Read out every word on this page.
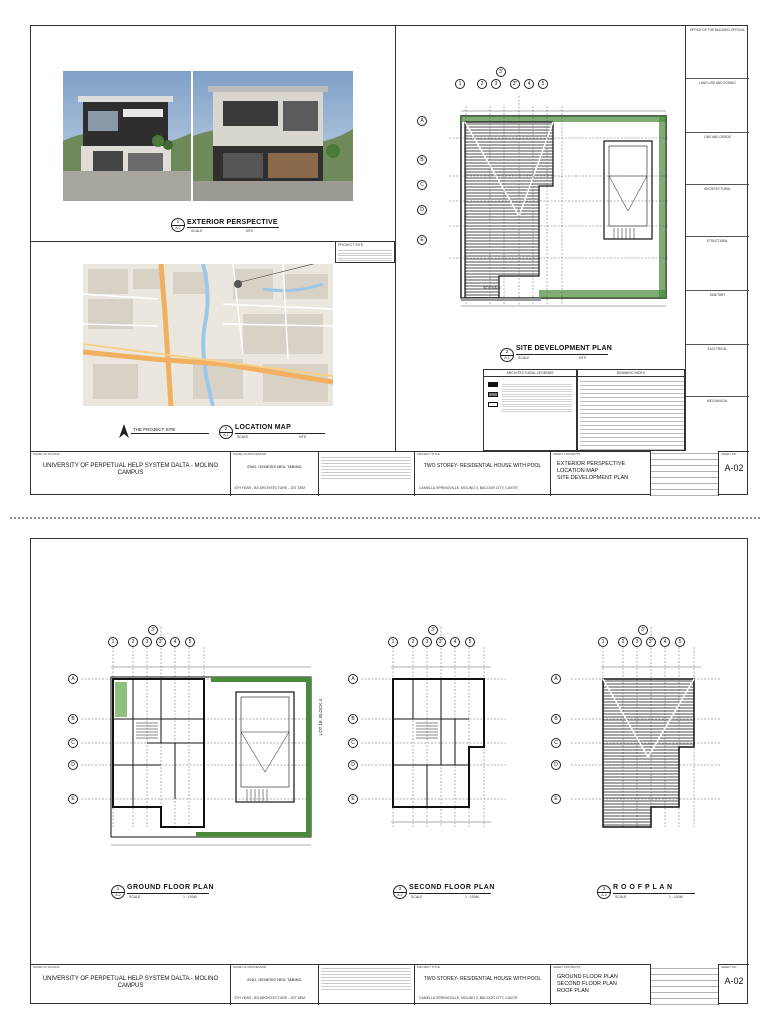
1
A-1
EXTERIOR PERSPECTIVE
SCALE	NTS
PROJECT SITE
THE PROJECT SITE	2
A-1
LOCATION MAP
SCALE	NTS
1	2	3
3'
3"	4	5
A
B
C
D
E
SIDEWALK
2
A-1
SITE DEVELOPMENT PLAN
SCALE	NTS
ARCHITECTURAL LEGENDS	DRAWING INDEX
OFFICE OF THE BUILDING OFFICIAL
LAND USE AND ZONING
LINE AND GRADE
ARCHITECTURAL
STRUCTURAL
SANITARY
ELECTRICAL
MECHANICAL
NAME OF SCHOOL
UNIVERSITY OF PERPETUAL HELP SYSTEM DALTA - MOLINO CAMPUS
NAME OF PROFESSOR
ENG. GENESIS NEIL TABING
PROJECT TITLE
TWO STOREY- RESIDENTIAL HOUSE WITH POOL
SHEET CONTENTS
EXTERIOR PERSPECTIVE
LOCATION MAP
SITE DEVELOPMENT PLAN
SHEET NO.
A-02
4TH YEAR - BS ARCHITECTURE - 1ST SEM	CAMELLA SPRINGVILLE, MOLINO 3, BACOOR CITY, CAVITE
LOT 18, BLOCK 4
1	2	3
3'
3"	4	5
A
B
C
D
E
1	2	3
3'
3"	4	5
A
B
C
D
E
1	2	3
3'
3"	4	5
A
B
C
D
E
1
A-2
GROUND FLOOR PLAN
SCALE	1 : 100M
2
A-2
SECOND FLOOR PLAN
SCALE	1 : 100M
3
A-2
R O O F P L A N
SCALE	1 : 100M
NAME OF SCHOOL
UNIVERSITY OF PERPETUAL HELP SYSTEM DALTA - MOLINO CAMPUS
NAME OF PROFESSOR
ENG. GENESIS NEIL TABING
PROJECT TITLE
TWO STOREY- RESIDENTIAL HOUSE WITH POOL
SHEET CONTENTS
GROUND FLOOR PLAN
SECOND FLOOR PLAN
ROOF PLAN
SHEET NO.
A-02
4TH YEAR - BS ARCHITECTURE - 1ST SEM	CAMELLA SPRINGVILLE, MOLINO 3, BACOOR CITY, CAVITE
